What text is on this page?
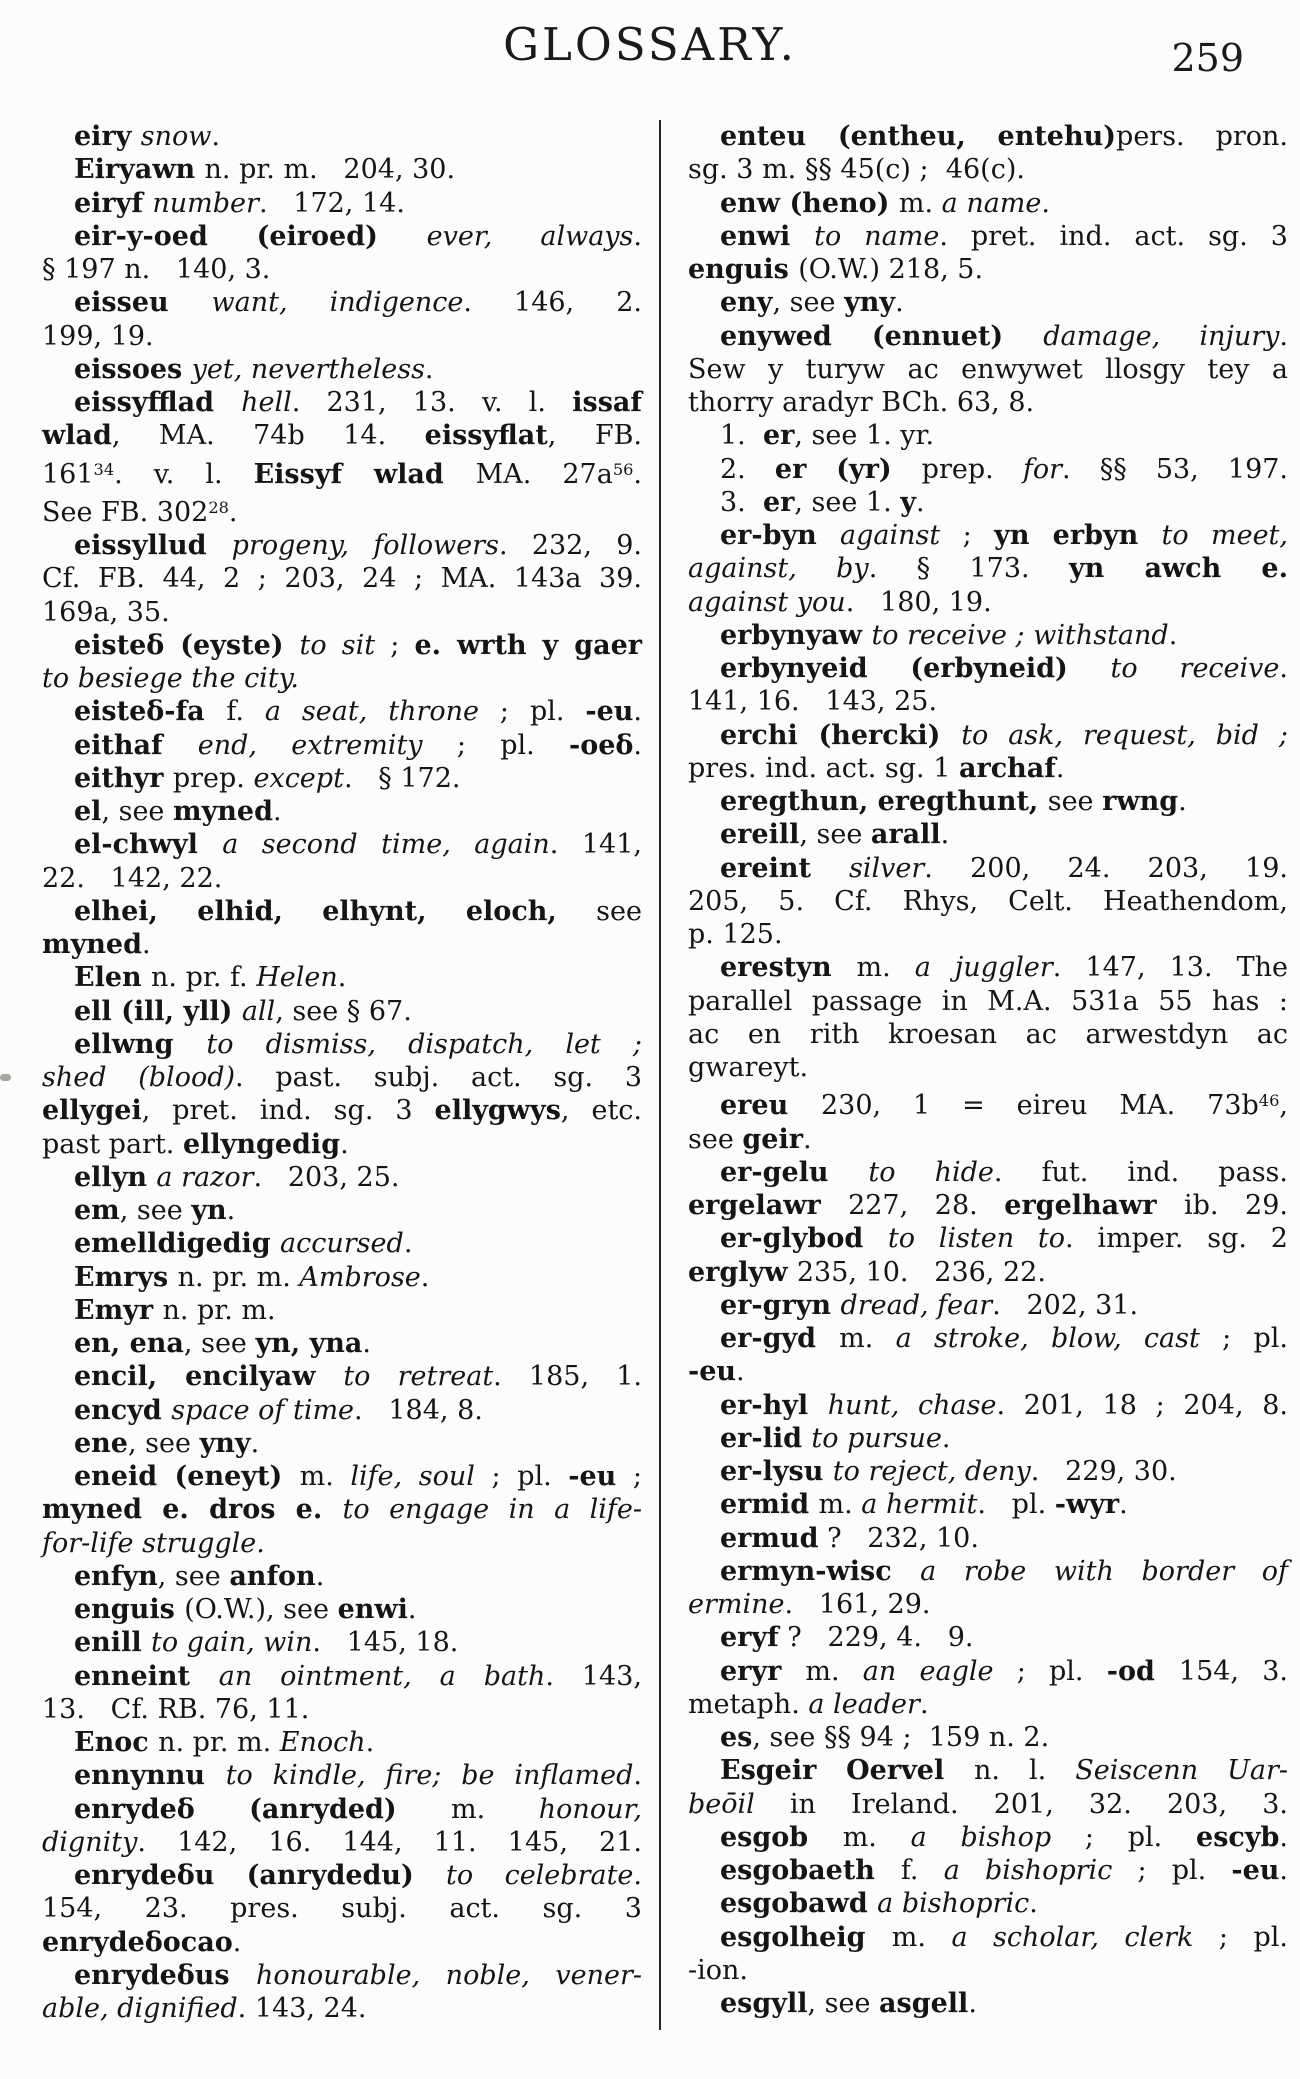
GLOSSARY.	259
eiry snow.
Eiryawn n. pr. m.   204, 30.
eiryf number.   172, 14.
eir-y-oed (eiroed) ever, always.
§ 197 n.   140, 3.
eisseu want, indigence. 146, 2.
199, 19.
eissoes yet, nevertheless.
eissyfflad hell. 231, 13. v. l. issaf
wlad, MA. 74b 14. eissyflat, FB.
$161^{34}$. v. l. Eissyf wlad MA. $27a^{56}$.
See FB. $302^{28}$.
eissyllud progeny, followers. 232, 9.
Cf. FB. 44, 2 ; 203, 24 ; MA. 143a 39.
169a, 35.
eisteδ (eyste) to sit ; e. wrth y gaer
to besiege the city.
eisteδ-fa f. a seat, throne ; pl. -eu.
eithaf end, extremity ; pl. -oeδ.
eithyr prep. except.   § 172.
el, see myned.
el-chwyl a second time, again. 141,
22.   142, 22.
elhei, elhid, elhynt, eloch, see
myned.
Elen n. pr. f. Helen.
ell (ill, yll) all, see § 67.
ellwng to dismiss, dispatch, let ;
shed (blood). past. subj. act. sg. 3
ellygei, pret. ind. sg. 3 ellygwys, etc.
past part. ellyngedig.
ellyn a razor.   203, 25.
em, see yn.
emelldigedig accursed.
Emrys n. pr. m. Ambrose.
Emyr n. pr. m.
en, ena, see yn, yna.
encil, encilyaw to retreat. 185, 1.
encyd space of time.   184, 8.
ene, see yny.
eneid (eneyt) m. life, soul ; pl. -eu ;
myned e. dros e. to engage in a life-
for-life struggle.
enfyn, see anfon.
enguis (O.W.), see enwi.
enill to gain, win.   145, 18.
enneint an ointment, a bath. 143,
13.   Cf. RB. 76, 11.
Enoc n. pr. m. Enoch.
ennynnu to kindle, fire; be inflamed.
enrydeδ (anryded) m. honour,
dignity. 142, 16. 144, 11. 145, 21.
enrydeδu (anrydedu) to celebrate.
154, 23. pres. subj. act. sg. 3
enrydeδocao.
enrydeδus honourable, noble, vener-
able, dignified. 143, 24.
enteu (entheu, entehu)pers. pron.
sg. 3 m. §§ 45(c) ;  46(c).
enw (heno) m. a name.
enwi to name. pret. ind. act. sg. 3
enguis (O.W.) 218, 5.
eny, see yny.
enywed (ennuet) damage, injury.
Sew y turyw ac enwywet llosgy tey a
thorry aradyr BCh. 63, 8.
1.  er, see 1. yr.
2. er (yr) prep. for. §§ 53, 197.
3.  er, see 1. y.
er-byn against ; yn erbyn to meet,
against, by. § 173. yn awch e.
against you.   180, 19.
erbynyaw to receive ; withstand.
erbynyeid (erbyneid) to receive.
141, 16.   143, 25.
erchi (hercki) to ask, request, bid ;
pres. ind. act. sg. 1 archaf.
eregthun, eregthunt, see rwng.
ereill, see arall.
ereint silver. 200, 24. 203, 19.
205, 5. Cf. Rhys, Celt. Heathendom,
p. 125.
erestyn m. a juggler. 147, 13. The
parallel passage in M.A. 531a 55 has :
ac en rith kroesan ac arwestdyn ac
gwareyt.
ereu 230, 1 = eireu MA. $73b^{46}$,
see geir.
er-gelu to hide. fut. ind. pass.
ergelawr 227, 28. ergelhawr ib. 29.
er-glybod to listen to. imper. sg. 2
erglyw 235, 10.   236, 22.
er-gryn dread, fear.   202, 31.
er-gyd m. a stroke, blow, cast ; pl.
-eu.
er-hyl hunt, chase. 201, 18 ; 204, 8.
er-lid to pursue.
er-lysu to reject, deny.   229, 30.
ermid m. a hermit.   pl. -wyr.
ermud ?   232, 10.
ermyn-wisc a robe with border of
ermine.   161, 29.
eryf ?   229, 4.   9.
eryr m. an eagle ; pl. -od 154, 3.
metaph. a leader.
es, see §§ 94 ;  159 n. 2.
Esgeir Oervel n. l. Seiscenn Uar-
beōil in Ireland. 201, 32. 203, 3.
esgob m. a bishop ; pl. escyb.
esgobaeth f. a bishopric ; pl. -eu.
esgobawd a bishopric.
esgolheig m. a scholar, clerk ; pl.
-ion.
esgyll, see asgell.
